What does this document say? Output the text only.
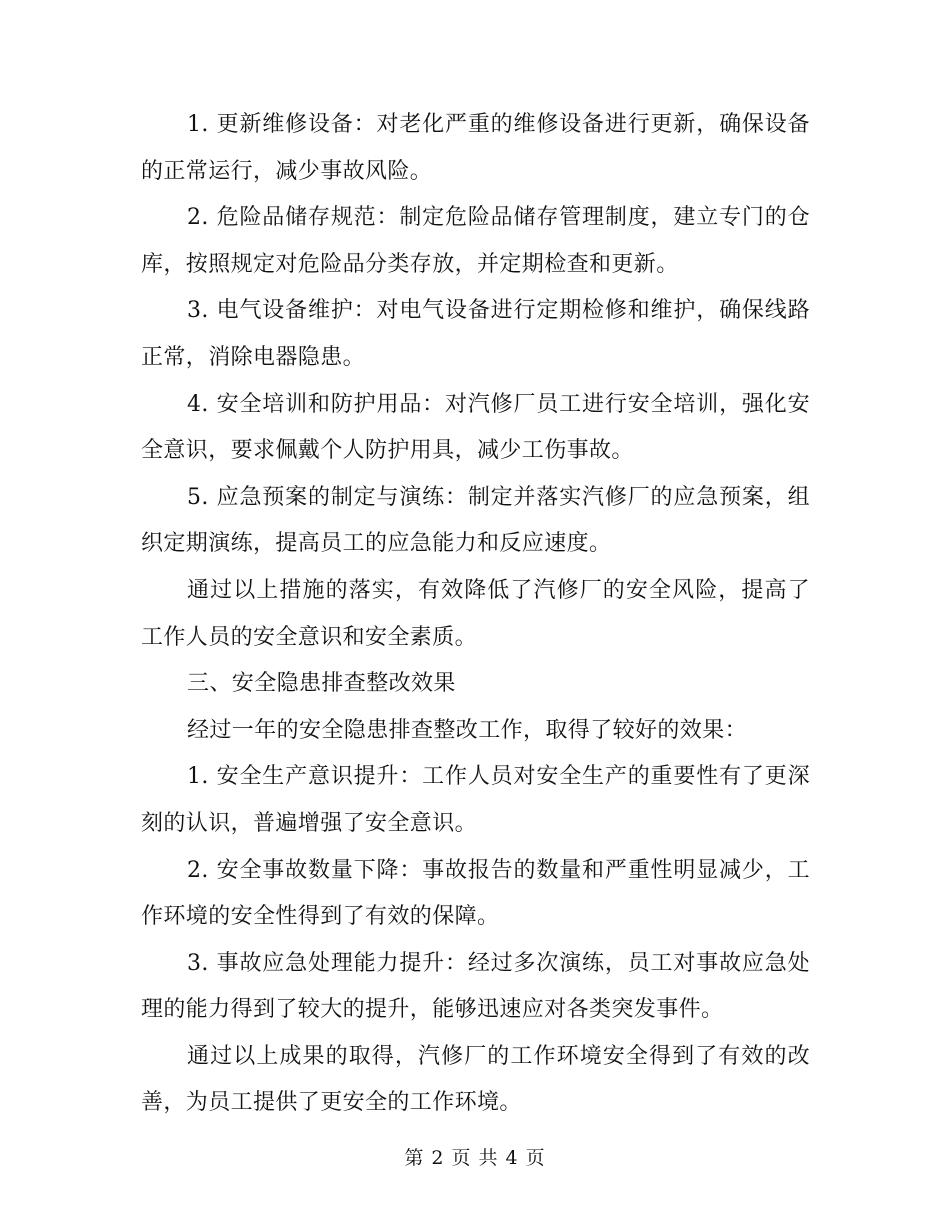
1. 更新维修设备：对老化严重的维修设备进行更新，确保设备的正常运行，减少事故风险。

2. 危险品储存规范：制定危险品储存管理制度，建立专门的仓库，按照规定对危险品分类存放，并定期检查和更新。

3. 电气设备维护：对电气设备进行定期检修和维护，确保线路正常，消除电器隐患。

4. 安全培训和防护用品：对汽修厂员工进行安全培训，强化安全意识，要求佩戴个人防护用具，减少工伤事故。

5. 应急预案的制定与演练：制定并落实汽修厂的应急预案，组织定期演练，提高员工的应急能力和反应速度。

通过以上措施的落实，有效降低了汽修厂的安全风险，提高了工作人员的安全意识和安全素质。

三、安全隐患排查整改效果

经过一年的安全隐患排查整改工作，取得了较好的效果：

1. 安全生产意识提升：工作人员对安全生产的重要性有了更深刻的认识，普遍增强了安全意识。

2. 安全事故数量下降：事故报告的数量和严重性明显减少，工作环境的安全性得到了有效的保障。

3. 事故应急处理能力提升：经过多次演练，员工对事故应急处理的能力得到了较大的提升，能够迅速应对各类突发事件。

通过以上成果的取得，汽修厂的工作环境安全得到了有效的改善，为员工提供了更安全的工作环境。

第 2 页 共 4 页
